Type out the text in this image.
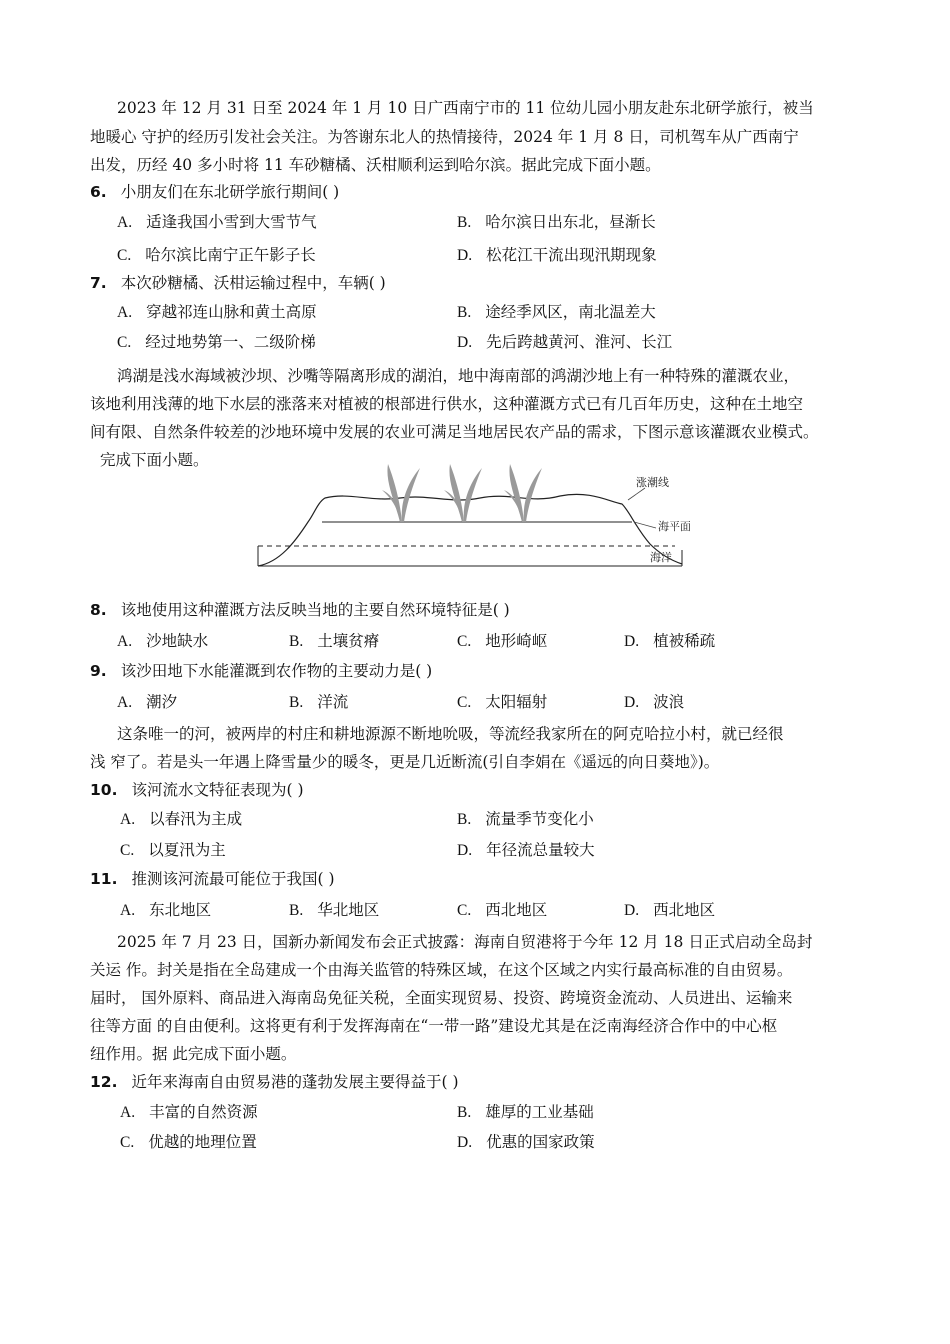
2023 年 12 月 31 日至 2024 年 1 月 10 日广西南宁市的 11 位幼儿园小朋友赴东北研学旅行，被当
地暖心 守护的经历引发社会关注。为答谢东北人的热情接待，2024 年 1 月 8 日，司机驾车从广西南宁
出发，历经 40 多小时将 11 车砂糖橘、沃柑顺利运到哈尔滨。据此完成下面小题。
6. 小朋友们在东北研学旅行期间( )
A. 适逢我国小雪到大雪节气	B. 哈尔滨日出东北，昼渐长
C. 哈尔滨比南宁正午影子长	D. 松花江干流出现汛期现象
7. 本次砂糖橘、沃柑运输过程中，车辆( )
A. 穿越祁连山脉和黄土高原	B. 途经季风区，南北温差大
C. 经过地势第一、二级阶梯	D. 先后跨越黄河、淮河、长江
鸿湖是浅水海域被沙坝、沙嘴等隔离形成的湖泊，地中海南部的鸿湖沙地上有一种特殊的灌溉农业，
该地利用浅薄的地下水层的涨落来对植被的根部进行供水，这种灌溉方式已有几百年历史，这种在土地空
间有限、自然条件较差的沙地环境中发展的农业可满足当地居民农产品的需求，下图示意该灌溉农业模式。
完成下面小题。
涨潮线
海平面
海洋
8. 该地使用这种灌溉方法反映当地的主要自然环境特征是( )
A. 沙地缺水	B. 土壤贫瘠	C. 地形崎岖	D. 植被稀疏
9. 该沙田地下水能灌溉到农作物的主要动力是( )
A. 潮汐	B. 洋流	C. 太阳辐射	D. 波浪
这条唯一的河，被两岸的村庄和耕地源源不断地吮吸，等流经我家所在的阿克哈拉小村，就已经很
浅 窄了。若是头一年遇上降雪量少的暖冬，更是几近断流(引自李娟在《遥远的向日葵地》)。
10. 该河流水文特征表现为( )
A. 以春汛为主成	B. 流量季节变化小
C. 以夏汛为主	D. 年径流总量较大
11. 推测该河流最可能位于我国( )
A. 东北地区	B. 华北地区	C. 西北地区	D. 西北地区
2025 年 7 月 23 日，国新办新闻发布会正式披露：海南自贸港将于今年 12 月 18 日正式启动全岛封
关运 作。封关是指在全岛建成一个由海关监管的特殊区域，在这个区域之内实行最高标准的自由贸易。
届时， 国外原料、商品进入海南岛免征关税，全面实现贸易、投资、跨境资金流动、人员进出、运输来
往等方面 的自由便利。这将更有利于发挥海南在“一带一路”建设尤其是在泛南海经济合作中的中心枢
纽作用。据 此完成下面小题。
12. 近年来海南自由贸易港的蓬勃发展主要得益于( )
A. 丰富的自然资源	B. 雄厚的工业基础
C. 优越的地理位置	D. 优惠的国家政策
